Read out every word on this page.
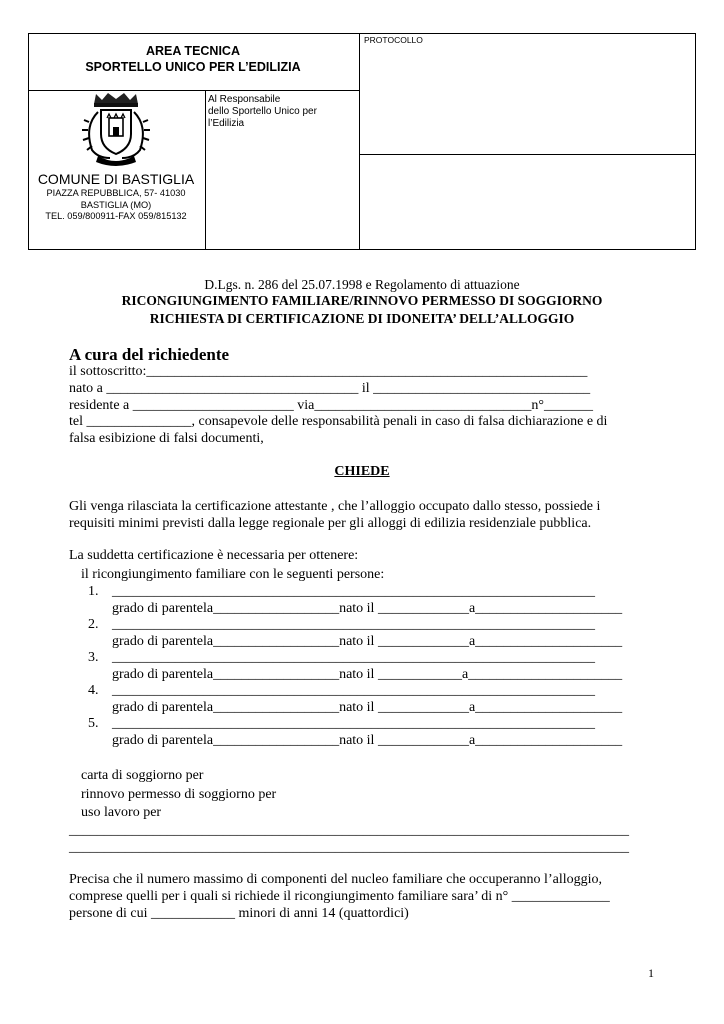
AREA TECNICA
SPORTELLO UNICO PER L’EDILIZIA
PROTOCOLLO
Al Responsabile
dello Sportello Unico per
l’Edilizia
COMUNE DI BASTIGLIA
PIAZZA REPUBBLICA, 57- 41030
BASTIGLIA (MO)
TEL. 059/800911-FAX 059/815132
D.Lgs. n. 286 del 25.07.1998 e Regolamento di attuazione
RICONGIUNGIMENTO FAMILIARE/RINNOVO PERMESSO DI SOGGIORNO
RICHIESTA DI CERTIFICAZIONE DI IDONEITA’ DELL’ALLOGGIO
A cura del richiedente
il sottoscritto:_______________________________________________________________
nato a ____________________________________ il _______________________________
residente a _______________________ via_______________________________n°_______
tel _______________, consapevole delle responsabilità penali in caso di falsa dichiarazione e di
falsa esibizione di falsi documenti,
CHIEDE
Gli venga rilasciata la certificazione attestante , che l’alloggio occupato dallo stesso, possiede i
requisiti minimi previsti dalla legge regionale per gli alloggi di edilizia residenziale pubblica.
La suddetta certificazione è necessaria per ottenere:
il ricongiungimento familiare con le seguenti persone:
1. _____________________________________________________________________
grado di parentela__________________nato il _____________a_____________________
2. _____________________________________________________________________
grado di parentela__________________nato il _____________a_____________________
3. _____________________________________________________________________
grado di parentela__________________nato il ____________a______________________
4. _____________________________________________________________________
grado di parentela__________________nato il _____________a_____________________
5. _____________________________________________________________________
grado di parentela__________________nato il _____________a_____________________
carta di soggiorno per
rinnovo permesso di soggiorno per
uso lavoro per
________________________________________________________________________________
________________________________________________________________________________
Precisa che il numero massimo di componenti del nucleo familiare che occuperanno l’alloggio,
comprese quelli per i quali si richiede il ricongiungimento familiare sara’ di n° ______________
persone di cui ____________ minori di anni 14 (quattordici)
1
